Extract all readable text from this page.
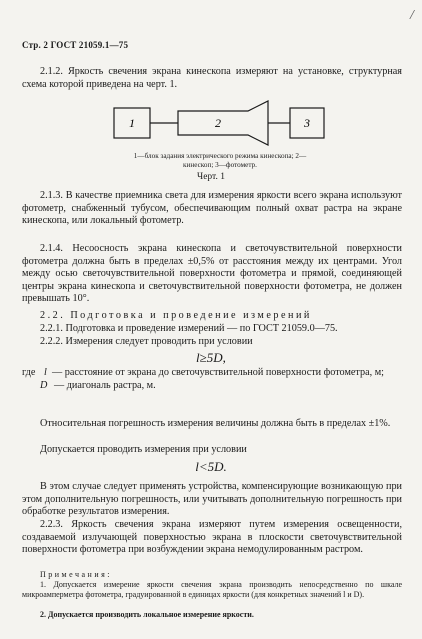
/
Стр. 2 ГОСТ 21059.1—75
2.1.2. Яркость свечения экрана кинескопа измеряют на установке, структурная схема которой приведена на черт. 1.
1	2	3
1—блок задания электрического режима кинескопа; 2—кинескоп; 3—фотометр.
Черт. 1
2.1.3. В качестве приемника света для измерения яркости всего экрана используют фотометр, снабженный тубусом, обеспечивающим полный охват растра на экране кинескопа, или локальный фотометр.
2.1.4. Несоосность экрана кинескопа и светочувствительной поверхности фотометра должна быть в пределах ±0,5% от расстояния между их центрами. Угол между осью светочувствительной поверхности фотометра и прямой, соединяющей центры экрана кинескопа и светочувствительной поверхности фотометра, не должен превышать 10°.
2.2. Подготовка и проведение измерений
2.2.1. Подготовка и проведение измерений — по ГОСТ 21059.0—75.
2.2.2. Измерения следует проводить при условии
l≥5D,
где l — расстояние от экрана до светочувствительной поверхности фотометра, м;
D — диагональ растра, м.
Относительная погрешность измерения величины должна быть в пределах ±1%.
Допускается проводить измерения при условии
l<5D.
В этом случае следует применять устройства, компенсирующие возникающую при этом дополнительную погрешность, или учитывать дополнительную погрешность при обработке результатов измерения.
2.2.3. Яркость свечения экрана измеряют путем измерения освещенности, создаваемой излучающей поверхностью экрана в плоскости светочувствительной поверхности фотометра при возбуждении экрана немодулированным растром.
Примечания:
1. Допускается измерение яркости свечения экрана производить непосредственно по шкале микроамперметра фотометра, градуированной в единицах яркости (для конкретных значений l и D).
2. Допускается производить локальное измерение яркости.
